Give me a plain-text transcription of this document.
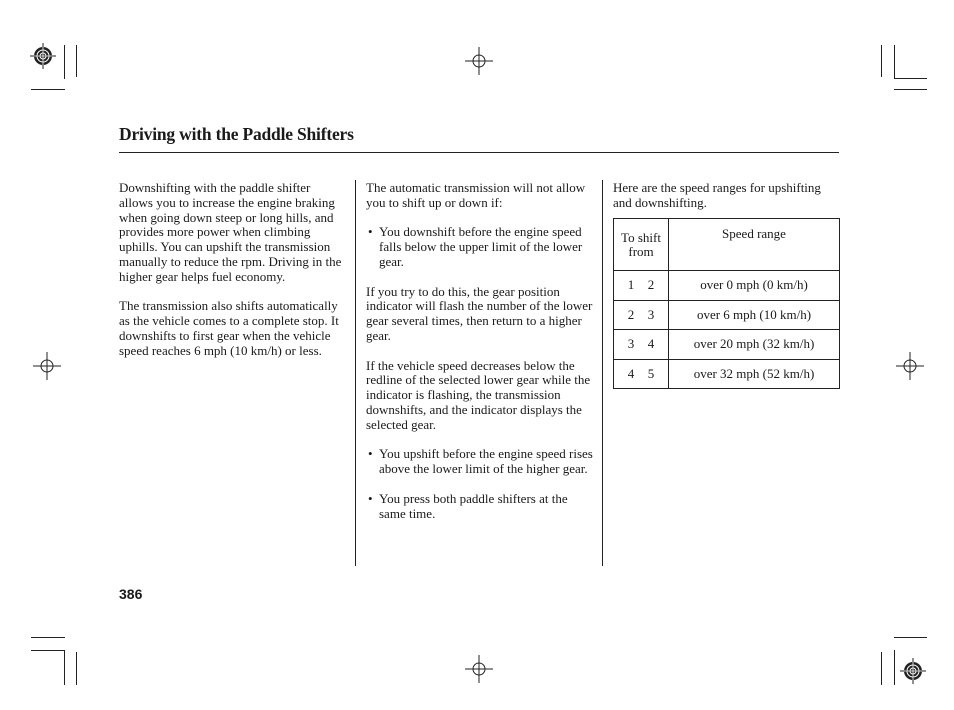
Driving with the Paddle Shifters

Downshifting with the paddle shifter allows you to increase the engine braking when going down steep or long hills, and provides more power when climbing uphills. You can upshift the transmission manually to reduce the rpm. Driving in the higher gear helps fuel economy.

The transmission also shifts automatically as the vehicle comes to a complete stop. It downshifts to first gear when the vehicle speed reaches 6 mph (10 km/h) or less.

The automatic transmission will not allow you to shift up or down if:

• You downshift before the engine speed falls below the upper limit of the lower gear.

If you try to do this, the gear position indicator will flash the number of the lower gear several times, then return to a higher gear.

If the vehicle speed decreases below the redline of the selected lower gear while the indicator is flashing, the transmission downshifts, and the indicator displays the selected gear.

• You upshift before the engine speed rises above the lower limit of the higher gear.
• You press both paddle shifters at the same time.

Here are the speed ranges for upshifting and downshifting.

To shift from	Speed range
1 2	over 0 mph (0 km/h)
2 3	over 6 mph (10 km/h)
3 4	over 20 mph (32 km/h)
4 5	over 32 mph (52 km/h)
386
